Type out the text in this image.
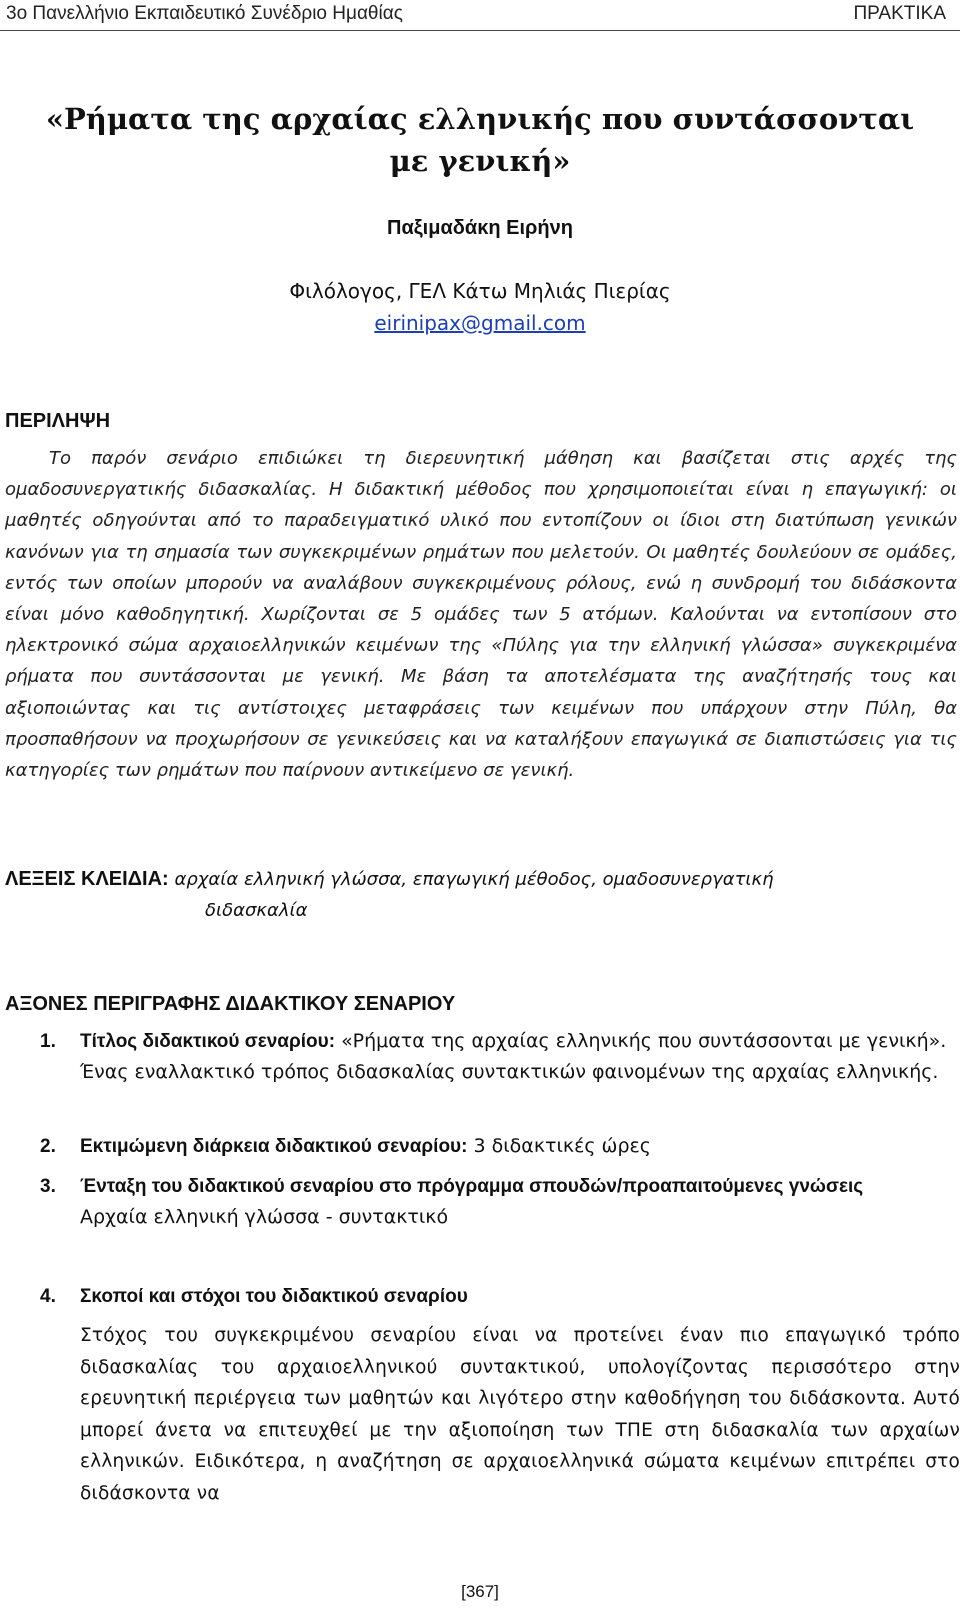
3ο Πανελλήνιο Εκπαιδευτικό Συνέδριο Ημαθίας	ΠΡΑΚΤΙΚΑ
«Ρήματα της αρχαίας ελληνικής που συντάσσονται
με γενική»
Παξιμαδάκη Ειρήνη
Φιλόλογος, ΓΕΛ Κάτω Μηλιάς Πιερίας
eirinipax@gmail.com
ΠΕΡΙΛΗΨΗ
Το παρόν σενάριο επιδιώκει τη διερευνητική μάθηση και βασίζεται στις αρχές της ομαδοσυνεργατικής διδασκαλίας. Η διδακτική μέθοδος που χρησιμοποιείται είναι η επαγωγική: οι μαθητές οδηγούνται από το παραδειγματικό υλικό που εντοπίζουν οι ίδιοι στη διατύπωση γενικών κανόνων για τη σημασία των συγκεκριμένων ρημάτων που μελετούν. Οι μαθητές δουλεύουν σε ομάδες, εντός των οποίων μπορούν να αναλάβουν συγκεκριμένους ρόλους, ενώ η συνδρομή του διδάσκοντα είναι μόνο καθοδηγητική. Χωρίζονται σε 5 ομάδες των 5 ατόμων. Καλούνται να εντοπίσουν στο ηλεκτρονικό σώμα αρχαιοελληνικών κειμένων της «Πύλης για την ελληνική γλώσσα» συγκεκριμένα ρήματα που συντάσσονται με γενική. Με βάση τα αποτελέσματα της αναζήτησής τους και αξιοποιώντας και τις αντίστοιχες μεταφράσεις των κειμένων που υπάρχουν στην Πύλη, θα προσπαθήσουν να προχωρήσουν σε γενικεύσεις και να καταλήξουν επαγωγικά σε διαπιστώσεις για τις κατηγορίες των ρημάτων που παίρνουν αντικείμενο σε γενική.
ΛΕΞΕΙΣ ΚΛΕΙΔΙΑ: αρχαία ελληνική γλώσσα, επαγωγική μέθοδος, ομαδοσυνεργατική
διδασκαλία
ΑΞΟΝΕΣ ΠΕΡΙΓΡΑΦΗΣ ΔΙΔΑΚΤΙΚΟΥ ΣΕΝΑΡΙΟΥ
1. Τίτλος διδακτικού σεναρίου: «Ρήματα της αρχαίας ελληνικής που συντάσσονται με γενική». Ένας εναλλακτικό τρόπος διδασκαλίας συντακτικών φαινομένων της αρχαίας ελληνικής.
2. Εκτιμώμενη διάρκεια διδακτικού σεναρίου: 3 διδακτικές ώρες
3. Ένταξη του διδακτικού σεναρίου στο πρόγραμμα σπουδών/προαπαιτούμενες γνώσεις
Αρχαία ελληνική γλώσσα - συντακτικό
4. Σκοποί και στόχοι του διδακτικού σεναρίου
Στόχος του συγκεκριμένου σεναρίου είναι να προτείνει έναν πιο επαγωγικό τρόπο διδασκαλίας του αρχαιοελληνικού συντακτικού, υπολογίζοντας περισσότερο στην ερευνητική περιέργεια των μαθητών και λιγότερο στην καθοδήγηση του διδάσκοντα. Αυτό μπορεί άνετα να επιτευχθεί με την αξιοποίηση των ΤΠΕ στη διδασκαλία των αρχαίων ελληνικών. Ειδικότερα, η αναζήτηση σε αρχαιοελληνικά σώματα κειμένων επιτρέπει στο διδάσκοντα να
[367]
